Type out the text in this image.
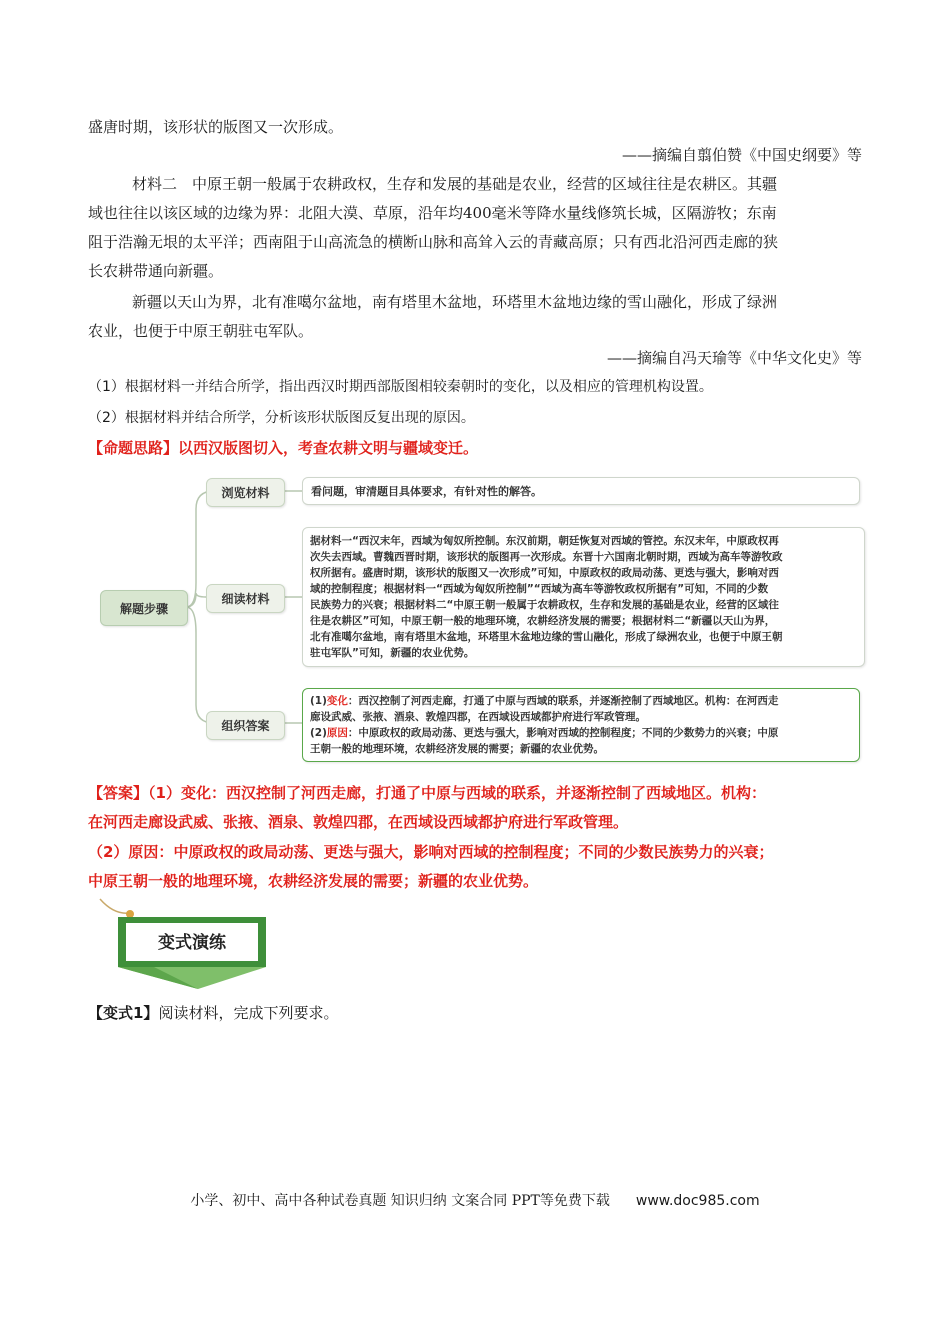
盛唐时期，该形状的版图又一次形成。
——摘编自翦伯赞《中国史纲要》等
材料二　中原王朝一般属于农耕政权，生存和发展的基础是农业，经营的区域往往是农耕区。其疆
域也往往以该区域的边缘为界：北阻大漠、草原，沿年均400毫米等降水量线修筑长城，区隔游牧；东南
阻于浩瀚无垠的太平洋；西南阻于山高流急的横断山脉和高耸入云的青藏高原；只有西北沿河西走廊的狭
长农耕带通向新疆。
新疆以天山为界，北有准噶尔盆地，南有塔里木盆地，环塔里木盆地边缘的雪山融化，形成了绿洲
农业，也便于中原王朝驻屯军队。
——摘编自冯天瑜等《中华文化史》等
（1）根据材料一并结合所学，指出西汉时期西部版图相较秦朝时的变化，以及相应的管理机构设置。
（2）根据材料并结合所学，分析该形状版图反复出现的原因。
【命题思路】以西汉版图切入，考查农耕文明与疆域变迁。
解题步骤
浏览材料
细读材料
组织答案
看问题，审清题目具体要求，有针对性的解答。
据材料一“西汉末年，西域为匈奴所控制。东汉前期，朝廷恢复对西域的管控。东汉末年，中原政权再
次失去西域。曹魏西晋时期，该形状的版图再一次形成。东晋十六国南北朝时期，西域为高车等游牧政
权所据有。盛唐时期，该形状的版图又一次形成”可知，中原政权的政局动荡、更迭与强大，影响对西
域的控制程度；根据材料一“西域为匈奴所控制”“西域为高车等游牧政权所据有”可知，不同的少数
民族势力的兴衰；根据材料二“中原王朝一般属于农耕政权，生存和发展的基础是农业，经营的区域往
往是农耕区”可知，中原王朝一般的地理环境，农耕经济发展的需要；根据材料二“新疆以天山为界，
北有准噶尔盆地，南有塔里木盆地，环塔里木盆地边缘的雪山融化，形成了绿洲农业，也便于中原王朝
驻屯军队”可知，新疆的农业优势。
(1)变化：西汉控制了河西走廊，打通了中原与西域的联系，并逐渐控制了西域地区。机构：在河西走
廊设武威、张掖、酒泉、敦煌四郡，在西域设西域都护府进行军政管理。
(2)原因：中原政权的政局动荡、更迭与强大，影响对西域的控制程度；不同的少数势力的兴衰；中原
王朝一般的地理环境，农耕经济发展的需要；新疆的农业优势。
【答案】（1）变化：西汉控制了河西走廊，打通了中原与西域的联系，并逐渐控制了西域地区。机构：
在河西走廊设武威、张掖、酒泉、敦煌四郡，在西域设西域都护府进行军政管理。
（2）原因：中原政权的政局动荡、更迭与强大，影响对西域的控制程度；不同的少数民族势力的兴衰；
中原王朝一般的地理环境，农耕经济发展的需要；新疆的农业优势。
变式演练
【变式1】阅读材料，完成下列要求。
小学、初中、高中各种试卷真题 知识归纳 文案合同 PPT等免费下载 www.doc985.com
